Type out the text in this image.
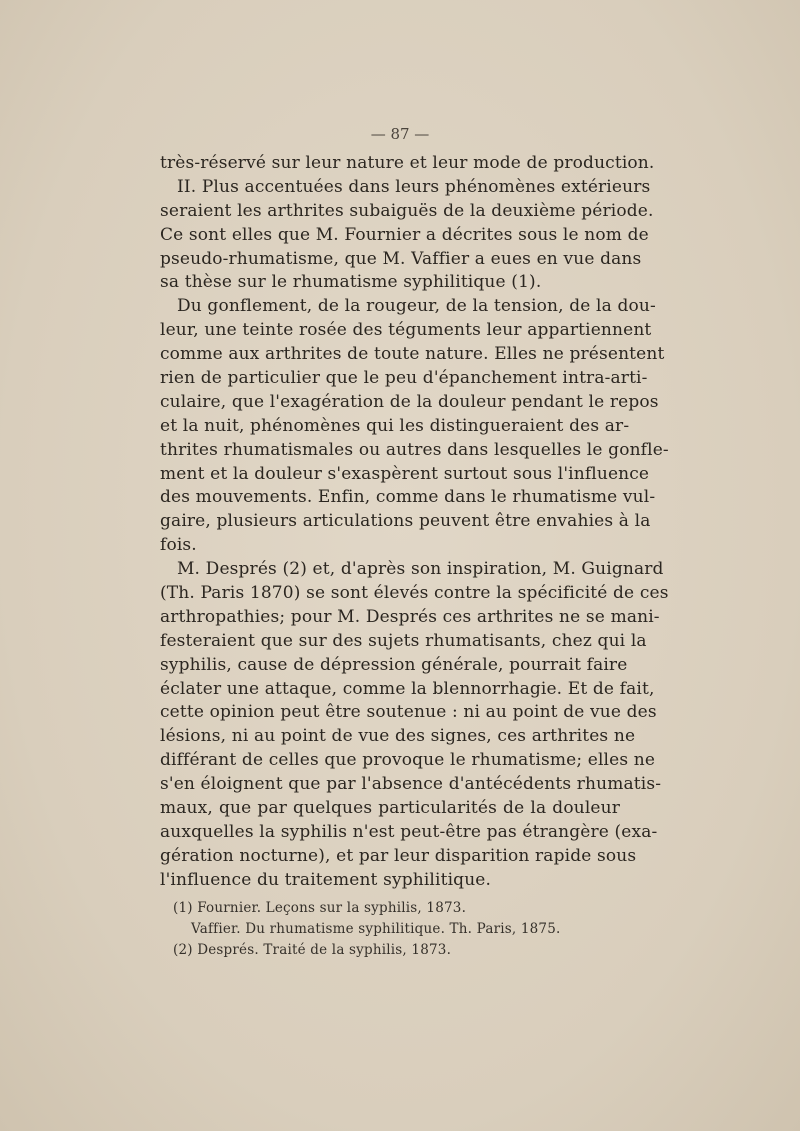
— 87 —
très-réservé sur leur nature et leur mode de production.
II. Plus accentuées dans leurs phénomènes extérieurs
seraient les arthrites subaiguës de la deuxième période.
Ce sont elles que M. Fournier a décrites sous le nom de
pseudo-rhumatisme, que M. Vaffier a eues en vue dans
sa thèse sur le rhumatisme syphilitique (1).
Du gonflement, de la rougeur, de la tension, de la dou-
leur, une teinte rosée des téguments leur appartiennent
comme aux arthrites de toute nature. Elles ne présentent
rien de particulier que le peu d'épanchement intra-arti-
culaire, que l'exagération de la douleur pendant le repos
et la nuit, phénomènes qui les distingueraient des ar-
thrites rhumatismales ou autres dans lesquelles le gonfle-
ment et la douleur s'exaspèrent surtout sous l'influence
des mouvements. Enfin, comme dans le rhumatisme vul-
gaire, plusieurs articulations peuvent être envahies à la
fois.
M. Després (2) et, d'après son inspiration, M. Guignard
(Th. Paris 1870) se sont élevés contre la spécificité de ces
arthropathies; pour M. Després ces arthrites ne se mani-
festeraient que sur des sujets rhumatisants, chez qui la
syphilis, cause de dépression générale, pourrait faire
éclater une attaque, comme la blennorrhagie. Et de fait,
cette opinion peut être soutenue : ni au point de vue des
lésions, ni au point de vue des signes, ces arthrites ne
différant de celles que provoque le rhumatisme; elles ne
s'en éloignent que par l'absence d'antécédents rhumatis-
maux, que par quelques particularités de la douleur
auxquelles la syphilis n'est peut-être pas étrangère (exa-
gération nocturne), et par leur disparition rapide sous
l'influence du traitement syphilitique.
(1) Fournier. Leçons sur la syphilis, 1873.
Vaffier. Du rhumatisme syphilitique. Th. Paris, 1875.
(2) Després. Traité de la syphilis, 1873.
